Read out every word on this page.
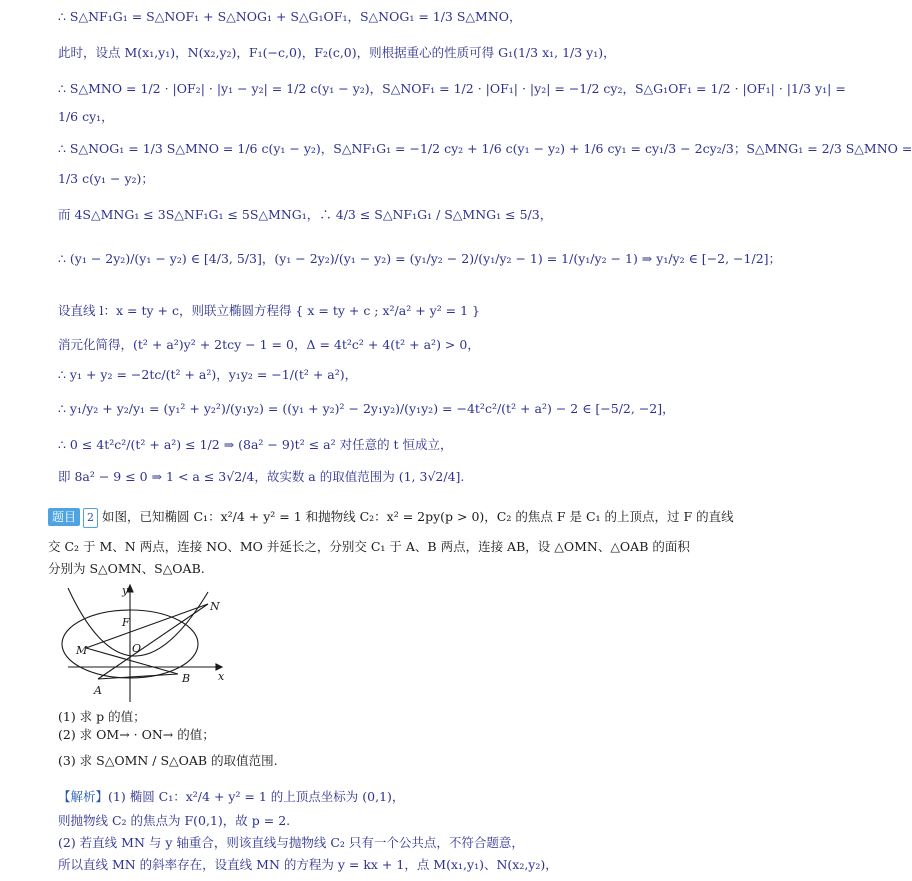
∴ S△NF₁G₁ = S△NOF₁ + S△NOG₁ + S△G₁OF₁，S△NOG₁ = 1/3 S△MNO，
此时，设点 M(x₁,y₁)，N(x₂,y₂)，F₁(−c,0)，F₂(c,0)，则根据重心的性质可得 G₁(1/3 x₁, 1/3 y₁)，
∴ S△MNO = 1/2 · |OF₂| · |y₁ − y₂| = 1/2 c(y₁ − y₂)，S△NOF₁ = 1/2 · |OF₁| · |y₂| = −1/2 cy₂，S△G₁OF₁ = 1/2 · |OF₁| · |1/3 y₁| =
1/6 cy₁，
∴ S△NOG₁ = 1/3 S△MNO = 1/6 c(y₁ − y₂)，S△NF₁G₁ = −1/2 cy₂ + 1/6 c(y₁ − y₂) + 1/6 cy₁ = cy₁/3 − 2cy₂/3；S△MNG₁ = 2/3 S△MNO =
1/3 c(y₁ − y₂)；
而 4S△MNG₁ ≤ 3S△NF₁G₁ ≤ 5S△MNG₁，∴ 4/3 ≤ S△NF₁G₁ / S△MNG₁ ≤ 5/3，
∴ (y₁ − 2y₂)/(y₁ − y₂) ∈ [4/3, 5/3]，(y₁ − 2y₂)/(y₁ − y₂) = (y₁/y₂ − 2)/(y₁/y₂ − 1) = 1/(y₁/y₂ − 1) ⇒ y₁/y₂ ∈ [−2, −1/2]；
设直线 l：x = ty + c，则联立椭圆方程得 { x = ty + c ; x²/a² + y² = 1 }
消元化简得，(t² + a²)y² + 2tcy − 1 = 0，Δ = 4t²c² + 4(t² + a²) > 0，
∴ y₁ + y₂ = −2tc/(t² + a²)，y₁y₂ = −1/(t² + a²)，
∴ y₁/y₂ + y₂/y₁ = (y₁² + y₂²)/(y₁y₂) = ((y₁ + y₂)² − 2y₁y₂)/(y₁y₂) = −4t²c²/(t² + a²) − 2 ∈ [−5/2, −2]，
∴ 0 ≤ 4t²c²/(t² + a²) ≤ 1/2 ⇒ (8a² − 9)t² ≤ a² 对任意的 t 恒成立，
即 8a² − 9 ≤ 0 ⇒ 1 < a ≤ 3√2/4，故实数 a 的取值范围为 (1, 3√2/4].
题目 2 如图，已知椭圆 C₁：x²/4 + y² = 1 和抛物线 C₂：x² = 2py(p > 0)，C₂ 的焦点 F 是 C₁ 的上顶点，过 F 的直线
交 C₂ 于 M、N 两点，连接 NO、MO 并延长之，分别交 C₁ 于 A、B 两点，连接 AB，设 △OMN、△OAB 的面积
分别为 S△OMN、S△OAB.
y
x
O
F
M
N
A
B
(1) 求 p 的值；
(2) 求 OM→ · ON→ 的值；
(3) 求 S△OMN / S△OAB 的取值范围.
【解析】(1) 椭圆 C₁：x²/4 + y² = 1 的上顶点坐标为 (0,1)，
则抛物线 C₂ 的焦点为 F(0,1)，故 p = 2.
(2) 若直线 MN 与 y 轴重合，则该直线与抛物线 C₂ 只有一个公共点，不符合题意，
所以直线 MN 的斜率存在，设直线 MN 的方程为 y = kx + 1，点 M(x₁,y₁)、N(x₂,y₂)，
